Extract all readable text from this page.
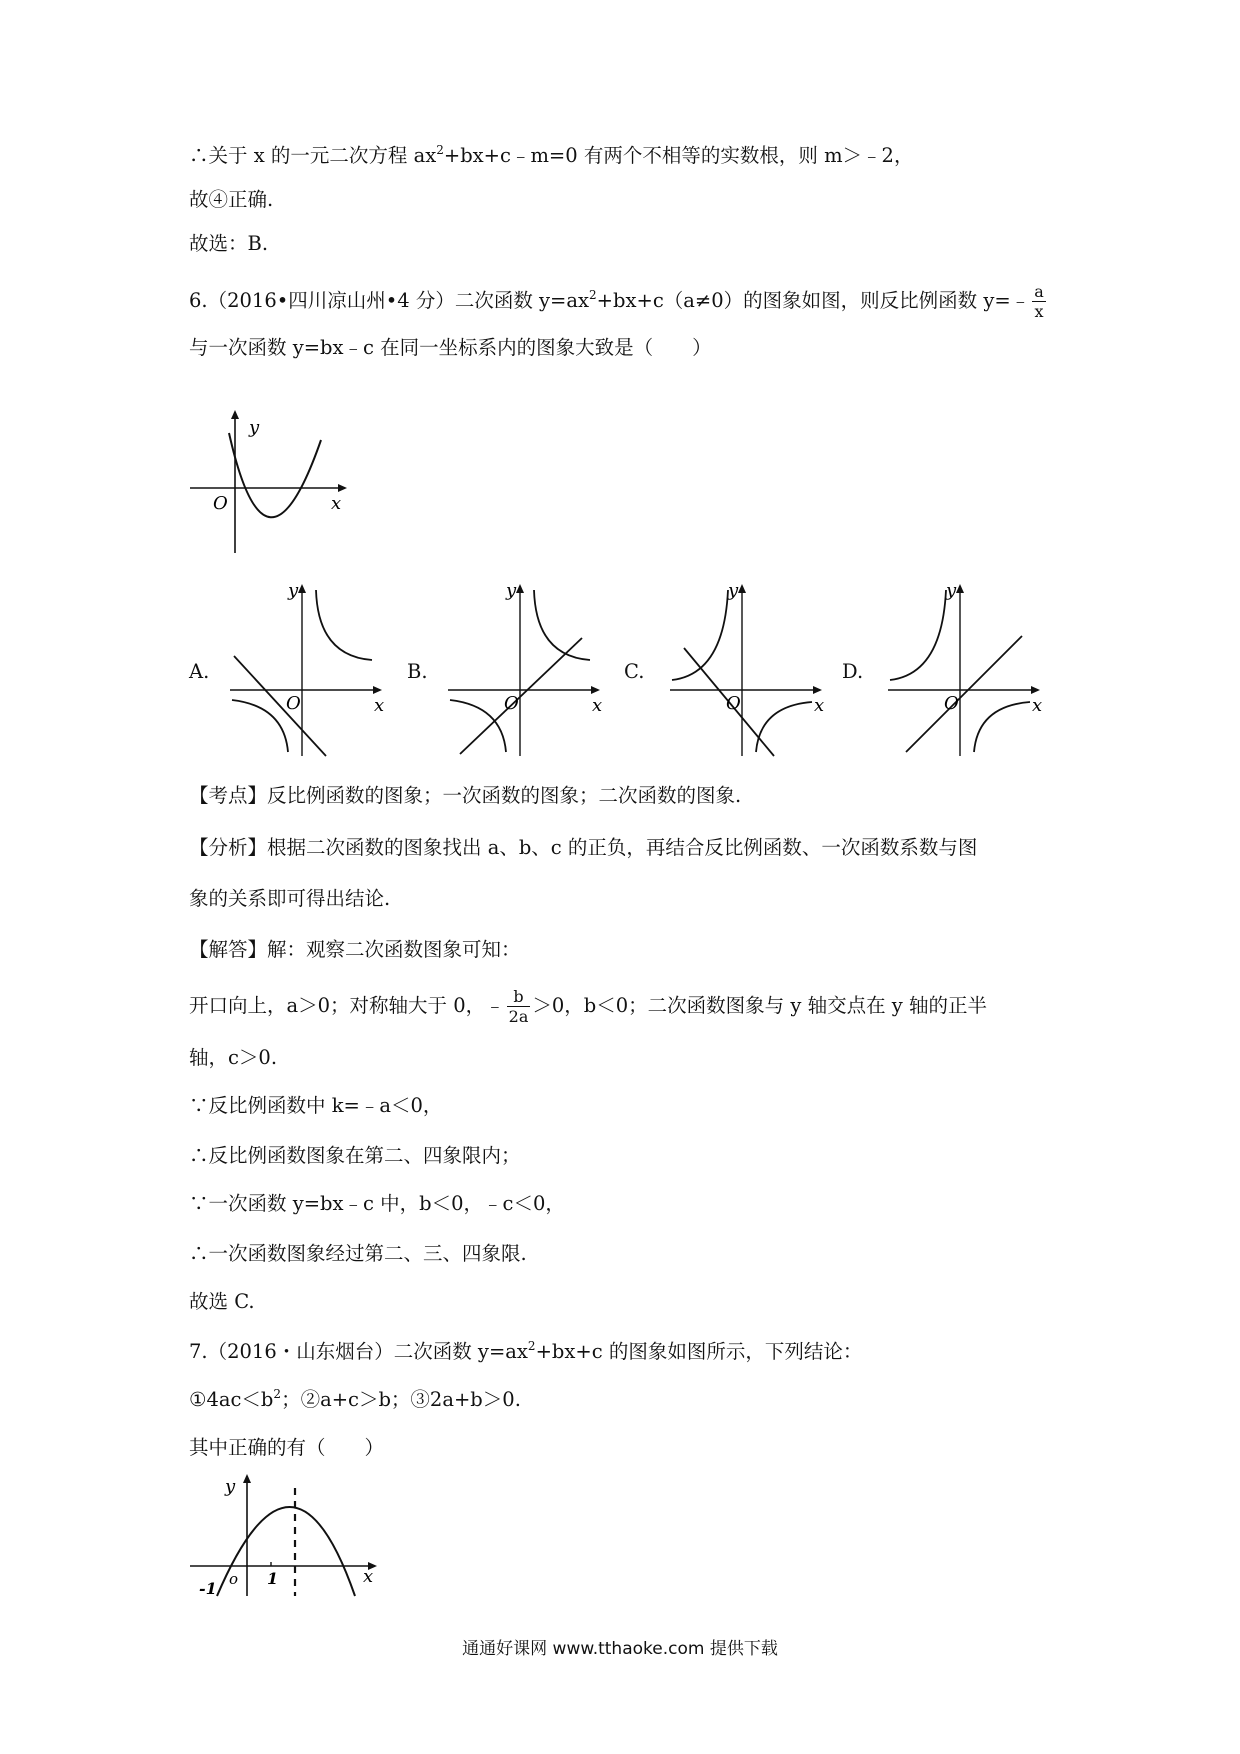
∴关于 x 的一元二次方程 $ax^2+bx+c﹣m=0$ 有两个不相等的实数根，则 m＞﹣2，
故④正确.
故选：B.
6.（2016•四川凉山州•4 分）二次函数 $y=ax^2+bx+c(a\ne 0)$的图象如图，则反比例函数 y=﹣ $\frac{a}{x}$
与一次函数 y=bx﹣c 在同一坐标系内的图象大致是（　　）
y
O	x
A.
y
O	x
B.
y
O	x
C.
y
O	x
D.
y
O	x
【考点】反比例函数的图象；一次函数的图象；二次函数的图象.
【分析】根据二次函数的图象找出 a、b、c 的正负，再结合反比例函数、一次函数系数与图
象的关系即可得出结论.
【解答】解：观察二次函数图象可知：
开口向上，a＞0；对称轴大于 0，﹣ $\frac{b}{2a} >0$，b＜0；二次函数图象与 y 轴交点在 y 轴的正半
轴，c＞0.
∵反比例函数中 k=﹣a＜0，
∴反比例函数图象在第二、四象限内；
∵一次函数 y=bx﹣c 中，b＜0，﹣c＜0，
∴一次函数图象经过第二、三、四象限.
故选 C.
7.（2016・山东烟台）二次函数 $y=ax^2+bx+c$ 的图象如图所示，下列结论：
$①4ac<b^2$；②a+c＞b；③2a+b＞0.
其中正确的有（　　）
y
o	x
-1
1
通通好课网 www.tthaoke.com 提供下载
